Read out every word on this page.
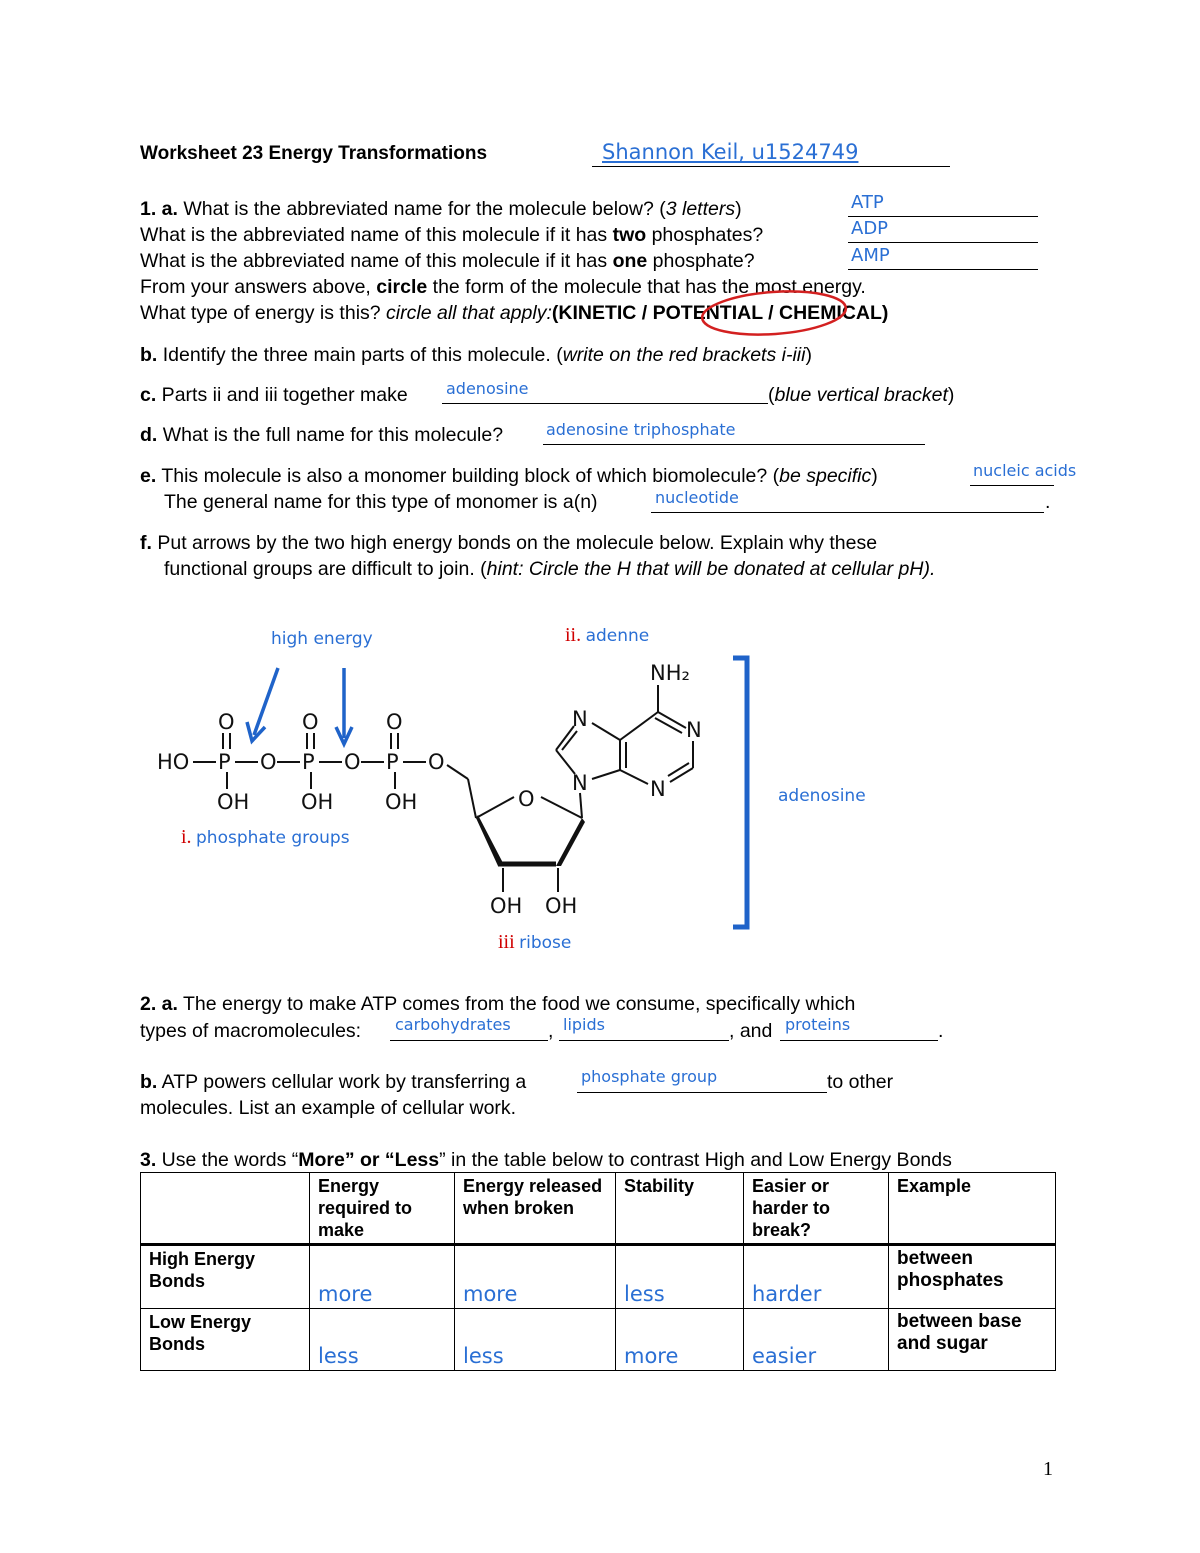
Worksheet 23 Energy Transformations	Shannon Keil, u1524749
1. a. What is the abbreviated name for the molecule below? (3 letters)	ATP
What is the abbreviated name of this molecule if it has two phosphates?	ADP
What is the abbreviated name of this molecule if it has one phosphate?	AMP
From your answers above, circle the form of the molecule that has the most energy.
What type of energy is this? circle all that apply:(KINETIC / POTENTIAL / CHEMICAL)
b. Identify the three main parts of this molecule. (write on the red brackets i-iii)
c. Parts ii and iii together make adenosine	(blue vertical bracket)
d. What is the full name for this molecule?	adenosine triphosphate
e. This molecule is also a monomer building block of which biomolecule? (be specific)	nucleic acids
The general name for this type of monomer is a(n)	nucleotide	.
f. Put arrows by the two high energy bonds on the molecule below. Explain why these
functional groups are difficult to join. (hint: Circle the H that will be donated at cellular pH).
high energy	ii. adenne
i. phosphate groups
iii ribose
adenosine
HO P O P O P O
O	O	O
OH OH OH	O
OH OH
NH₂
N	N
N	N
2. a. The energy to make ATP comes from the food we consume, specifically which
types of macromolecules:	carbohydrates	, lipids	, and proteins	.
b. ATP powers cellular work by transferring a	phosphate group	to other
molecules. List an example of cellular work.
3. Use the words “More” or “Less” in the table below to contrast High and Low Energy Bonds
	Energy required to make	Energy released when broken	Stability	Easier or harder to break?	Example
High Energy Bonds	more	more	less	harder	between phosphates
Low Energy Bonds	less	less	more	easier	between base and sugar
1
